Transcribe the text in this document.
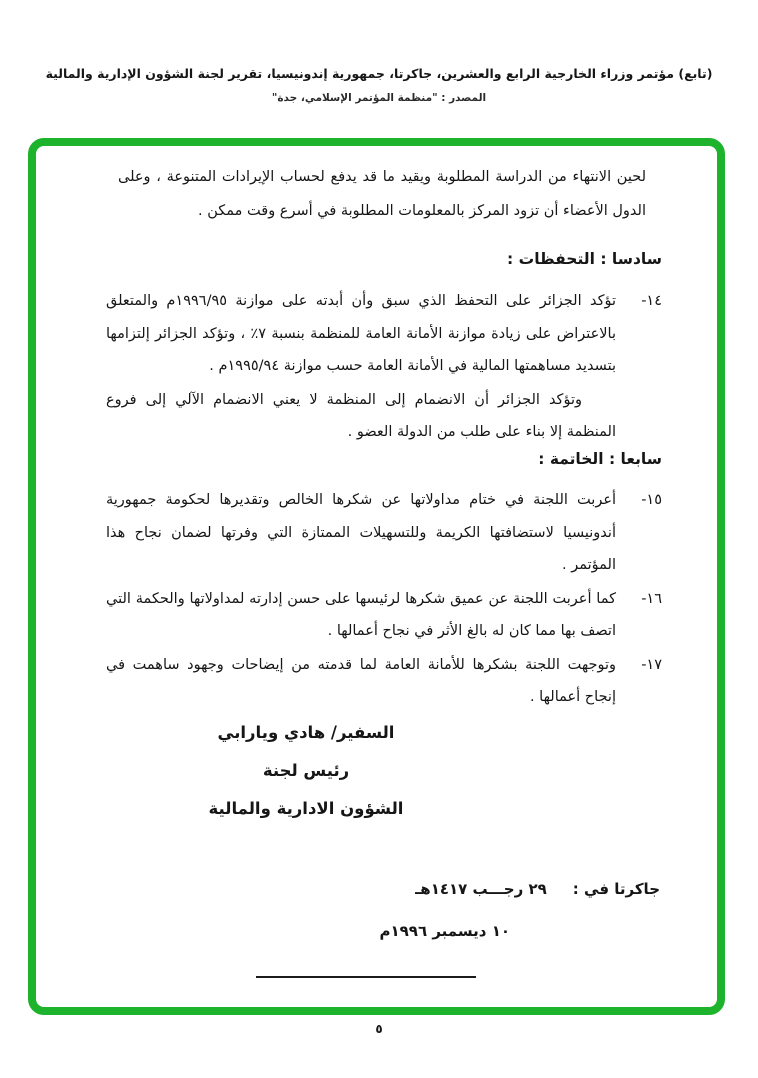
(تابع) مؤتمر وزراء الخارجية الرابع والعشرين، جاكرتا، جمهورية إندونيسيا، تقرير لجنة الشؤون الإدارية والمالية
المصدر : "منظمة المؤتمر الإسلامي، جدة"
لحين الانتهاء من الدراسة المطلوبة ويقيد ما قد يدفع لحساب الإيرادات المتنوعة ، وعلى الدول الأعضاء أن تزود المركز بالمعلومات المطلوبة في أسرع وقت ممكن .
سادسا : التحفظات :
١٤-
تؤكد الجزائر على التحفظ الذي سبق وأن أبدته على موازنة ١٩٩٦/٩٥م والمتعلق بالاعتراض على زيادة موازنة الأمانة العامة للمنظمة بنسبة ٧٪ ، وتؤكد الجزائر إلتزامها بتسديد مساهمتها المالية في الأمانة العامة حسب موازنة ١٩٩٥/٩٤م .
وتؤكد الجزائر أن الانضمام إلى المنظمة لا يعني الانضمام الآلي إلى فروع المنظمة إلا بناء على طلب من الدولة العضو .
سابعا : الخاتمة :
١٥-
أعربت اللجنة في ختام مداولاتها عن شكرها الخالص وتقديرها لحكومة جمهورية أندونيسيا لاستضافتها الكريمة وللتسهيلات الممتازة التي وفرتها لضمان نجاح هذا المؤتمر .
١٦-
كما أعربت اللجنة عن عميق شكرها لرئيسها على حسن إدارته لمداولاتها والحكمة التي اتصف بها مما كان له بالغ الأثر في نجاح أعمالها .
١٧-
وتوجهت اللجنة بشكرها للأمانة العامة لما قدمته من إيضاحات وجهود ساهمت في إنجاح أعمالها .
السفير/ هادي ويارابي
رئيس لجنة
الشؤون الادارية والمالية
جاكرتا في :
٢٩ رجـــب ١٤١٧هـ
١٠ ديسمبر ١٩٩٦م
٥
